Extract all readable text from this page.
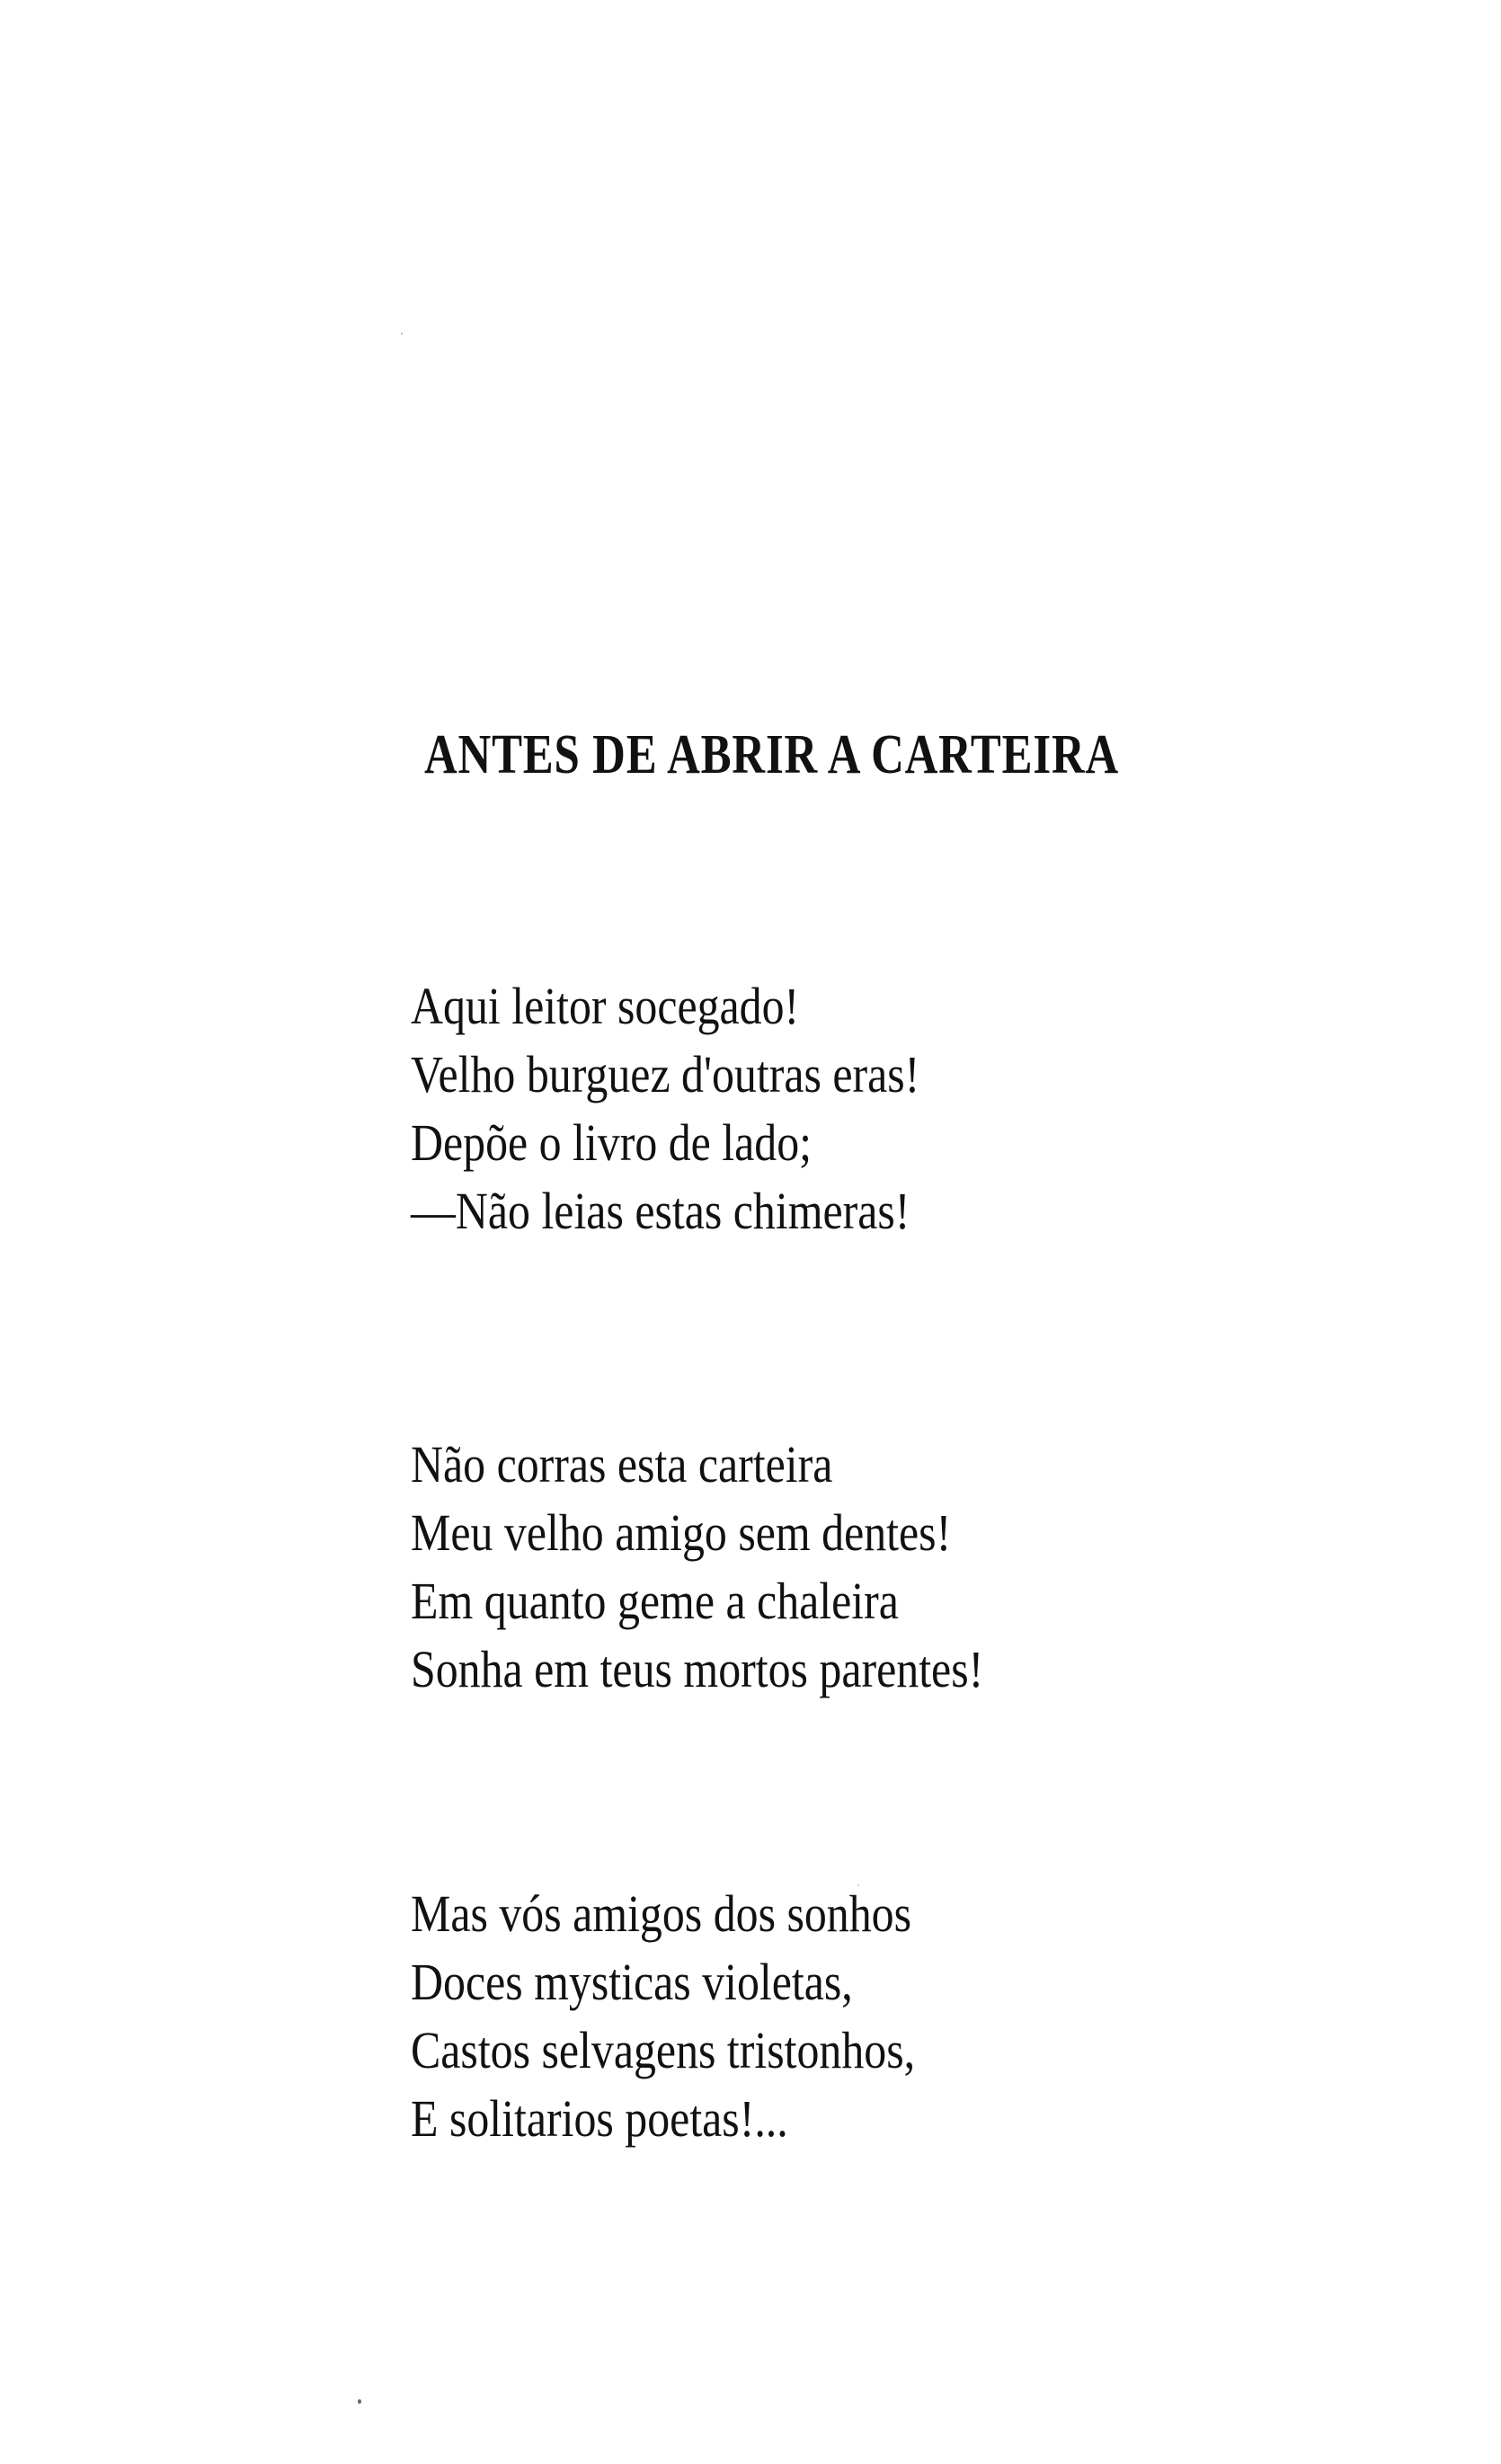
ANTES DE ABRIR A CARTEIRA
Aqui leitor socegado!
Velho burguez d'outras eras!
Depõe o livro de lado;
—Não leias estas chimeras!
Não corras esta carteira
Meu velho amigo sem dentes!
Em quanto geme a chaleira
Sonha em teus mortos parentes!
Mas vós amigos dos sonhos
Doces mysticas violetas,
Castos selvagens tristonhos,
E solitarios poetas!...
